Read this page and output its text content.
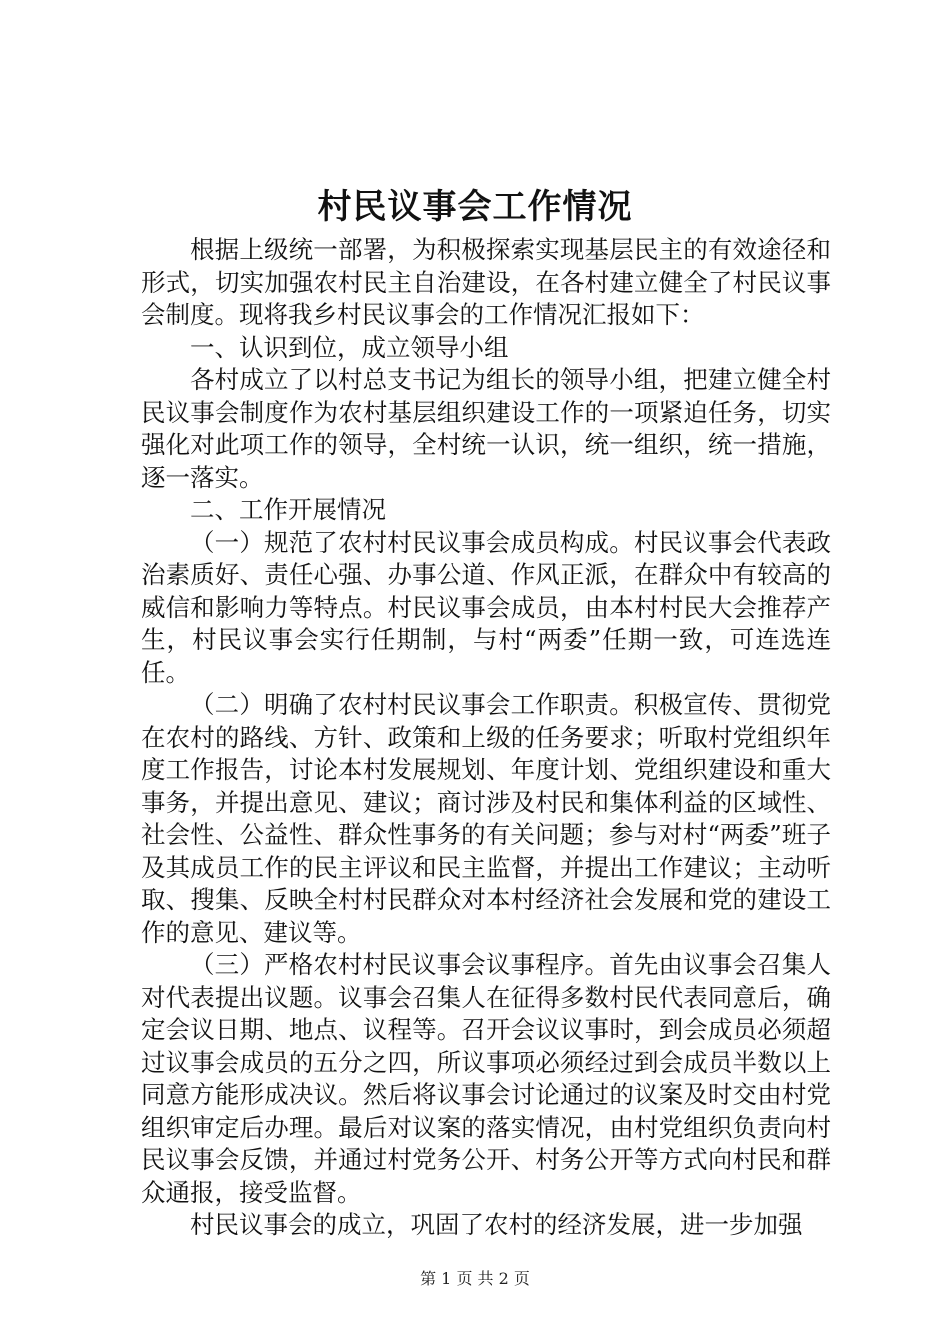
村民议事会工作情况

根据上级统一部署，为积极探索实现基层民主的有效途径和形式，切实加强农村民主自治建设，在各村建立健全了村民议事会制度。现将我乡村民议事会的工作情况汇报如下：

一、认识到位，成立领导小组

各村成立了以村总支书记为组长的领导小组，把建立健全村民议事会制度作为农村基层组织建设工作的一项紧迫任务，切实强化对此项工作的领导，全村统一认识，统一组织，统一措施，逐一落实。

二、工作开展情况

（一）规范了农村村民议事会成员构成。村民议事会代表政治素质好、责任心强、办事公道、作风正派，在群众中有较高的威信和影响力等特点。村民议事会成员，由本村村民大会推荐产生，村民议事会实行任期制，与村“两委”任期一致，可连选连任。

（二）明确了农村村民议事会工作职责。积极宣传、贯彻党在农村的路线、方针、政策和上级的任务要求；听取村党组织年度工作报告，讨论本村发展规划、年度计划、党组织建设和重大事务，并提出意见、建议；商讨涉及村民和集体利益的区域性、社会性、公益性、群众性事务的有关问题；参与对村“两委”班子及其成员工作的民主评议和民主监督，并提出工作建议；主动听取、搜集、反映全村村民群众对本村经济社会发展和党的建设工作的意见、建议等。

（三）严格农村村民议事会议事程序。首先由议事会召集人对代表提出议题。议事会召集人在征得多数村民代表同意后，确定会议日期、地点、议程等。召开会议议事时，到会成员必须超过议事会成员的五分之四，所议事项必须经过到会成员半数以上同意方能形成决议。然后将议事会讨论通过的议案及时交由村党组织审定后办理。最后对议案的落实情况，由村党组织负责向村民议事会反馈，并通过村党务公开、村务公开等方式向村民和群众通报，接受监督。

村民议事会的成立，巩固了农村的经济发展，进一步加强

第 1 页 共 2 页
